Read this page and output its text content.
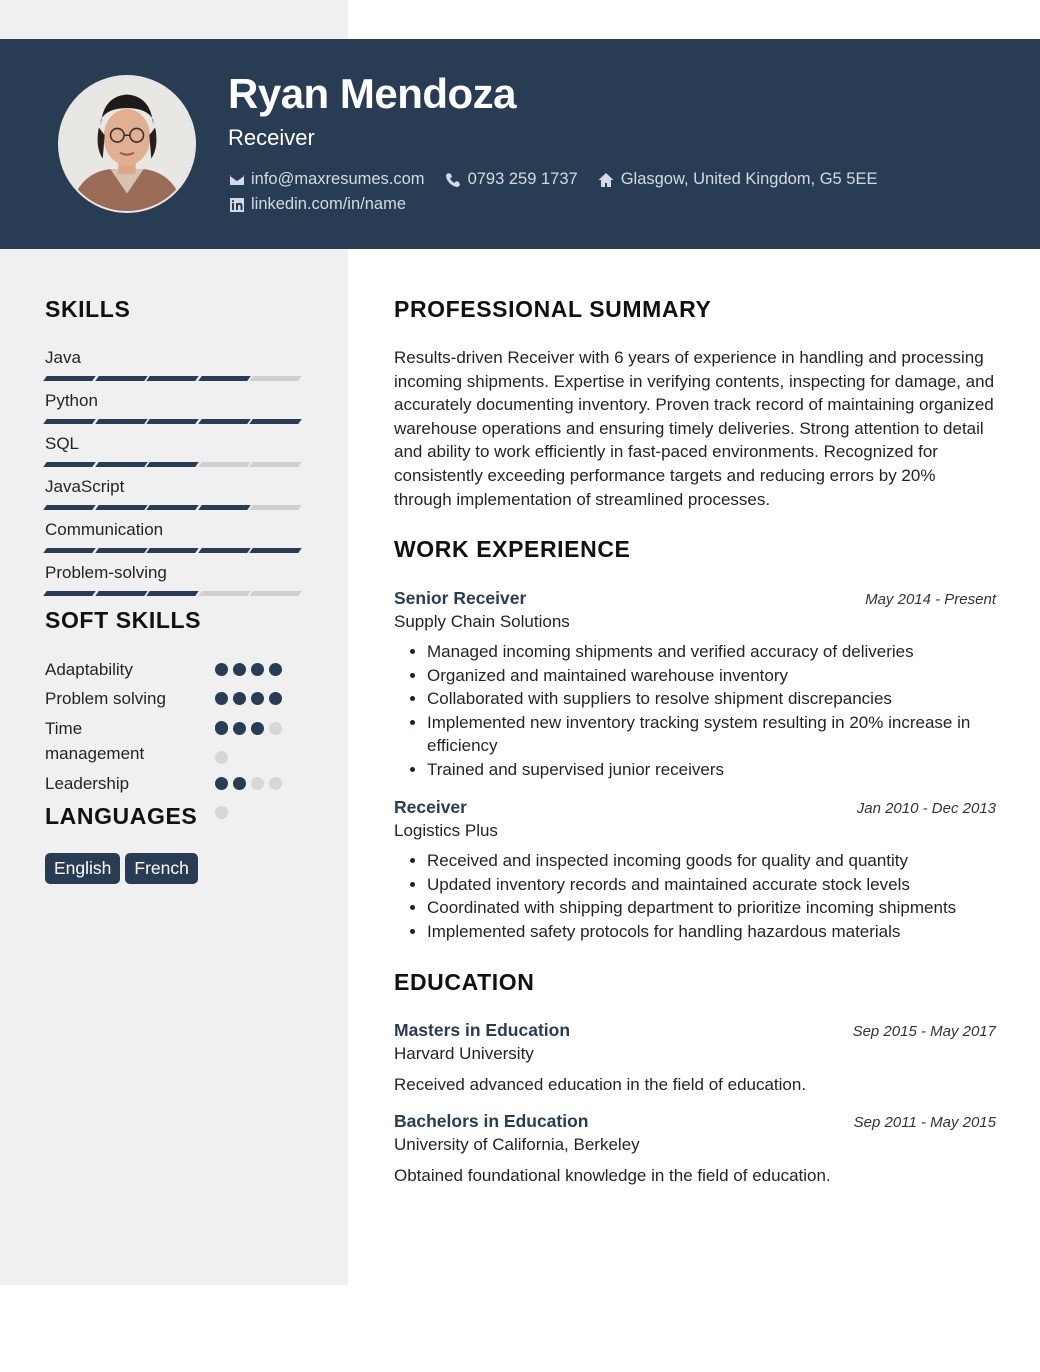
Ryan Mendoza
Receiver
info@maxresumes.com	0793 259 1737	Glasgow, United Kingdom, G5 5EE
linkedin.com/in/name
SKILLS
Java
Python
SQL
JavaScript
Communication
Problem-solving
SOFT SKILLS
Adaptability
Problem solving
Time management
Leadership
LANGUAGES
English	French
PROFESSIONAL SUMMARY
Results-driven Receiver with 6 years of experience in handling and processing incoming shipments. Expertise in verifying contents, inspecting for damage, and accurately documenting inventory. Proven track record of maintaining organized warehouse operations and ensuring timely deliveries. Strong attention to detail and ability to work efficiently in fast-paced environments. Recognized for consistently exceeding performance targets and reducing errors by 20% through implementation of streamlined processes.
WORK EXPERIENCE
Senior Receiver	May 2014 - Present
Supply Chain Solutions
• Managed incoming shipments and verified accuracy of deliveries
• Organized and maintained warehouse inventory
• Collaborated with suppliers to resolve shipment discrepancies
• Implemented new inventory tracking system resulting in 20% increase in efficiency
• Trained and supervised junior receivers
Receiver	Jan 2010 - Dec 2013
Logistics Plus
• Received and inspected incoming goods for quality and quantity
• Updated inventory records and maintained accurate stock levels
• Coordinated with shipping department to prioritize incoming shipments
• Implemented safety protocols for handling hazardous materials
EDUCATION
Masters in Education	Sep 2015 - May 2017
Harvard University
Received advanced education in the field of education.
Bachelors in Education	Sep 2011 - May 2015
University of California, Berkeley
Obtained foundational knowledge in the field of education.
